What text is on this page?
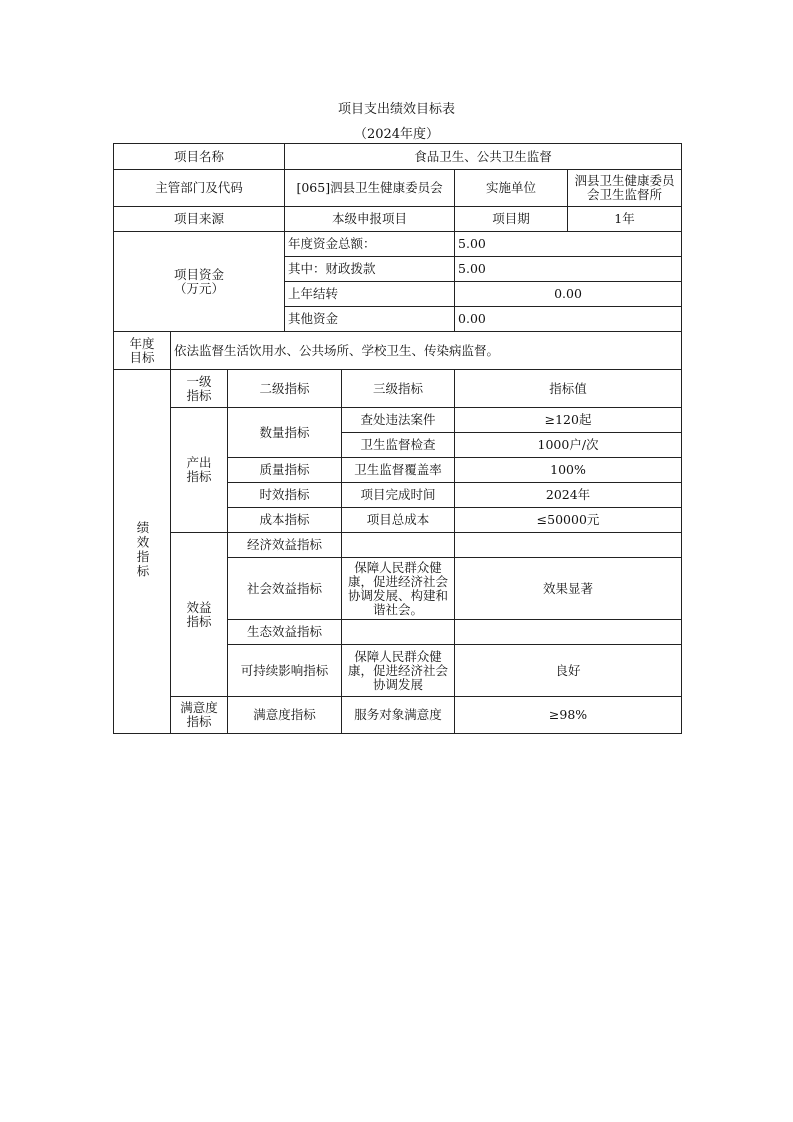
项目支出绩效目标表
（2024年度）
项目名称			食品卫生、公共卫生监督			
主管部门及代码			[065]泗县卫生健康委员会		实施单位	泗县卫生健康委员会卫生监督所
项目来源			本级申报项目		项目期	1年
项目资金（万元）			年度资金总额：		5.00	
			其中：财政拨款		5.00	
			上年结转		0.00	
			其他资金		0.00	
年度目标	依法监督生活饮用水、公共场所、学校卫生、传染病监督。					
绩效指标	一级指标	二级指标		三级指标	指标值	
	产出指标	数量指标		查处违法案件	≥120起	
				卫生监督检查	1000户/次	
		质量指标		卫生监督覆盖率	100%	
		时效指标		项目完成时间	2024年	
		成本指标		项目总成本	≤50000元	
	效益指标	经济效益指标				
		社会效益指标		保障人民群众健康，促进经济社会协调发展、构建和谐社会。	效果显著	
		生态效益指标				
		可持续影响指标		保障人民群众健康，促进经济社会协调发展	良好	
	满意度指标	满意度指标		服务对象满意度	≥98%	
